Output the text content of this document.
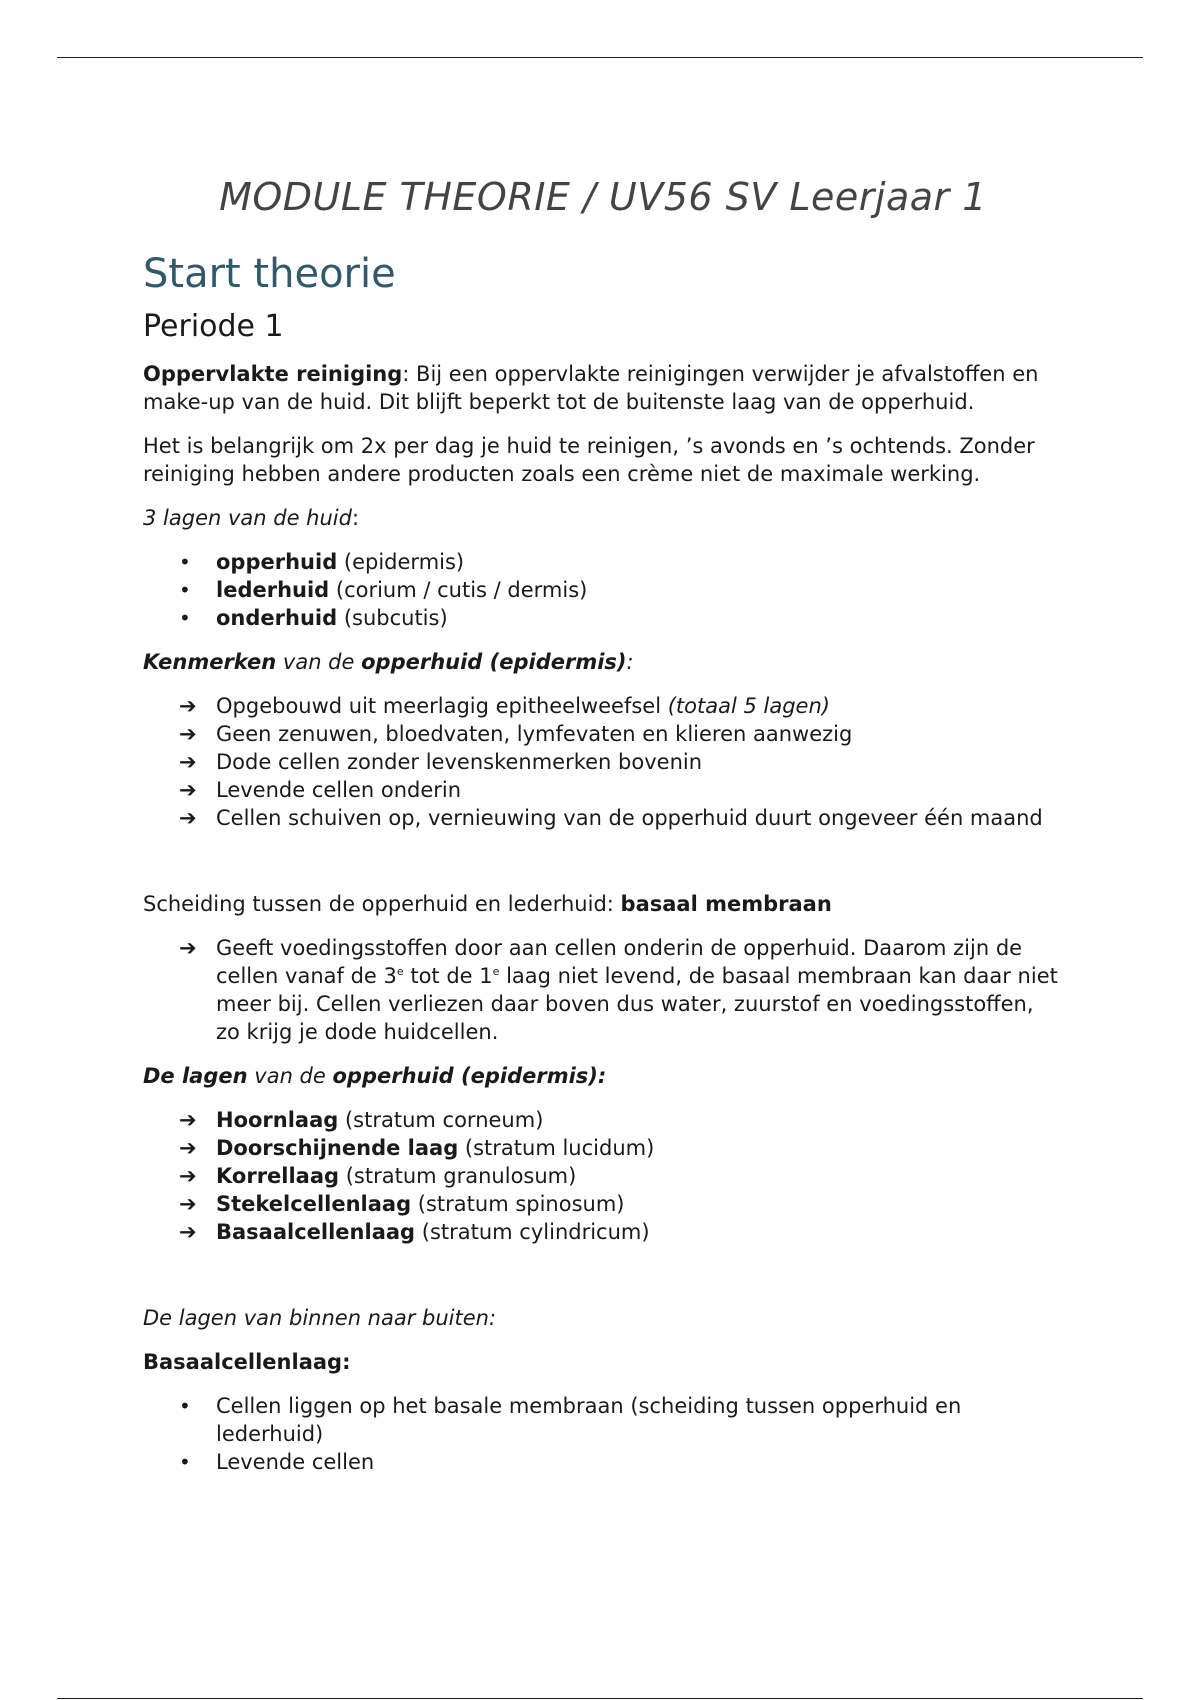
MODULE THEORIE / UV56 SV Leerjaar 1
Start theorie
Periode 1

Oppervlakte reiniging: Bij een oppervlakte reinigingen verwijder je afvalstoffen en make-up van de huid. Dit blijft beperkt tot de buitenste laag van de opperhuid.

Het is belangrijk om 2x per dag je huid te reinigen, ’s avonds en ’s ochtends. Zonder reiniging hebben andere producten zoals een crème niet de maximale werking.

3 lagen van de huid:

•	opperhuid (epidermis)
•	lederhuid (corium / cutis / dermis)
•	onderhuid (subcutis)

Kenmerken van de opperhuid (epidermis):

➔ Opgebouwd uit meerlagig epitheelweefsel (totaal 5 lagen)
➔ Geen zenuwen, bloedvaten, lymfevaten en klieren aanwezig
➔ Dode cellen zonder levenskenmerken bovenin
➔ Levende cellen onderin
➔ Cellen schuiven op, vernieuwing van de opperhuid duurt ongeveer één maand

Scheiding tussen de opperhuid en lederhuid: basaal membraan

➔ Geeft voedingsstoffen door aan cellen onderin de opperhuid. Daarom zijn de cellen vanaf de 3e tot de 1e laag niet levend, de basaal membraan kan daar niet meer bij. Cellen verliezen daar boven dus water, zuurstof en voedingsstoffen, zo krijg je dode huidcellen.

De lagen van de opperhuid (epidermis):

➔ Hoornlaag (stratum corneum)
➔ Doorschijnende laag (stratum lucidum)
➔ Korrellaag (stratum granulosum)
➔ Stekelcellenlaag (stratum spinosum)
➔ Basaalcellenlaag (stratum cylindricum)

De lagen van binnen naar buiten:

Basaalcellenlaag:

•	Cellen liggen op het basale membraan (scheiding tussen opperhuid en lederhuid)
•	Levende cellen
